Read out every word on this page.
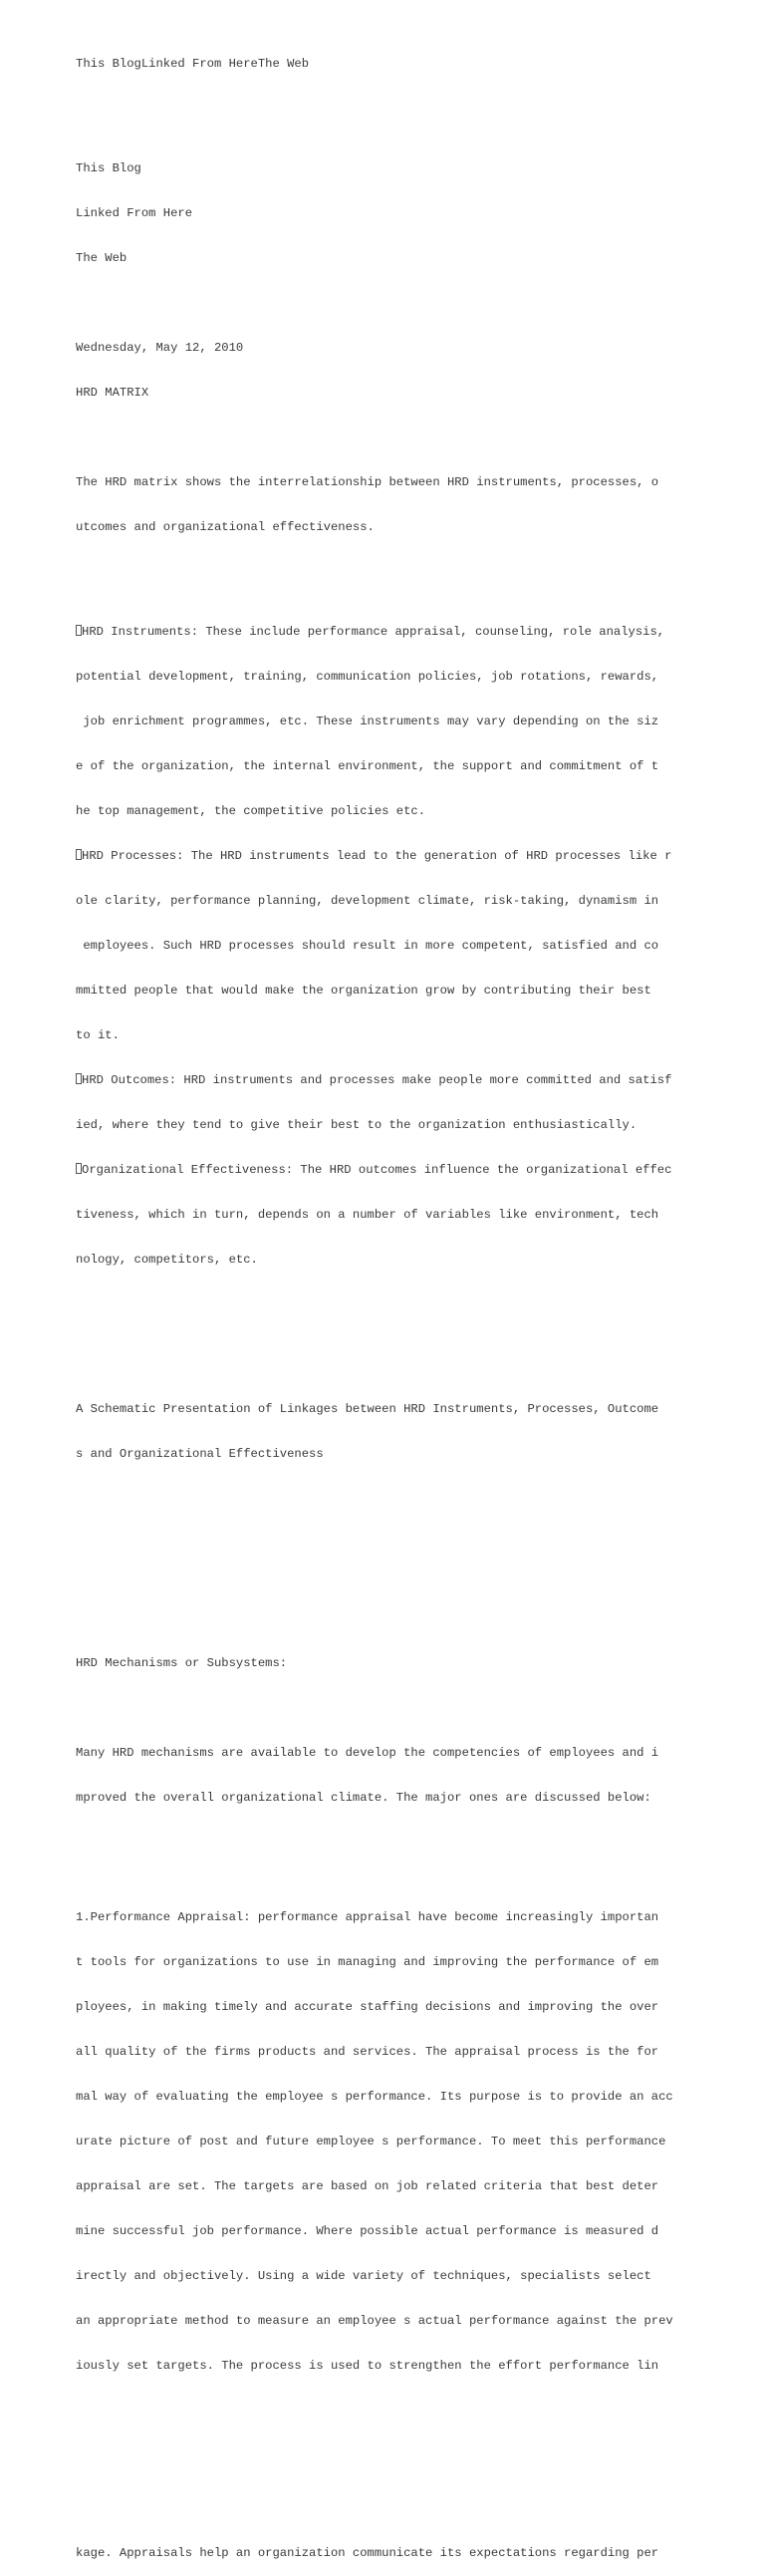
This BlogLinked From HereThe Web

This Blog

Linked From Here

The Web

Wednesday, May 12, 2010

HRD MATRIX

The HRD matrix shows the interrelationship between HRD instruments, processes, o

utcomes and organizational effectiveness.

HRD Instruments: These include performance appraisal, counseling, role analysis,

potential development, training, communication policies, job rotations, rewards,

job enrichment programmes, etc. These instruments may vary depending on the siz

e of the organization, the internal environment, the support and commitment of t

he top management, the competitive policies etc.

HRD Processes: The HRD instruments lead to the generation of HRD processes like r

ole clarity, performance planning, development climate, risk-taking, dynamism in

employees. Such HRD processes should result in more competent, satisfied and co

mmitted people that would make the organization grow by contributing their best

to it.

HRD Outcomes: HRD instruments and processes make people more committed and satisf

ied, where they tend to give their best to the organization enthusiastically.

Organizational Effectiveness: The HRD outcomes influence the organizational effec

tiveness, which in turn, depends on a number of variables like environment, tech

nology, competitors, etc.

A Schematic Presentation of Linkages between HRD Instruments, Processes, Outcome

s and Organizational Effectiveness

HRD Mechanisms or Subsystems:

Many HRD mechanisms are available to develop the competencies of employees and i

mproved the overall organizational climate. The major ones are discussed below:

1.Performance Appraisal: performance appraisal have become increasingly importan

t tools for organizations to use in managing and improving the performance of em

ployees, in making timely and accurate staffing decisions and improving the over

all quality of the firms products and services. The appraisal process is the for

mal way of evaluating the employee s performance. Its purpose is to provide an acc

urate picture of post and future employee s performance. To meet this performance

appraisal are set. The targets are based on job related criteria that best deter

mine successful job performance. Where possible actual performance is measured d

irectly and objectively. Using a wide variety of techniques, specialists select

an appropriate method to measure an employee s actual performance against the prev

iously set targets. The process is used to strengthen the effort performance lin

kage. Appraisals help an organization communicate its expectations regarding per
